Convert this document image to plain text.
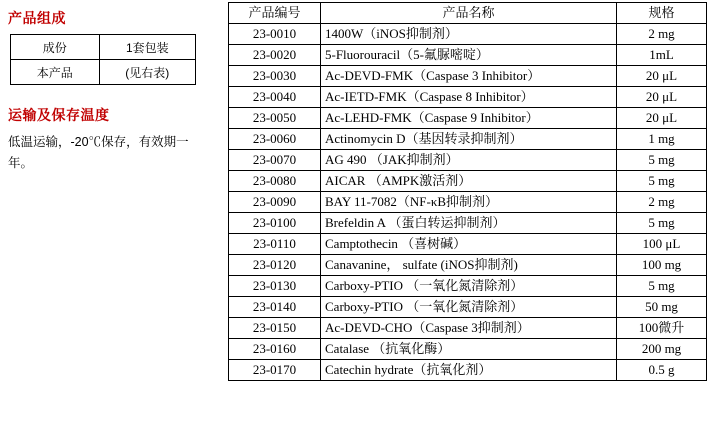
产品组成
成份	1套包装
本产品	(见右表)
运输及保存温度
低温运输，-20℃保存，有效期一年。
产品编号	产品名称	规格
23-0010	1400W（iNOS抑制剂）	2 mg
23-0020	5-Fluorouracil（5-氟脲嘧啶）	1mL
23-0030	Ac-DEVD-FMK（Caspase 3 Inhibitor）	20 μL
23-0040	Ac-IETD-FMK（Caspase 8 Inhibitor）	20 μL
23-0050	Ac-LEHD-FMK（Caspase 9 Inhibitor）	20 μL
23-0060	Actinomycin D（基因转录抑制剂）	1 mg
23-0070	AG 490 （JAK抑制剂）	5 mg
23-0080	AICAR （AMPK激活剂）	5 mg
23-0090	BAY 11-7082（NF-κB抑制剂）	2 mg
23-0100	Brefeldin A （蛋白转运抑制剂）	5 mg
23-0110	Camptothecin （喜树碱）	100 μL
23-0120	Canavanine， sulfate (iNOS抑制剂)	100 mg
23-0130	Carboxy-PTIO （一氧化氮清除剂）	5 mg
23-0140	Carboxy-PTIO （一氧化氮清除剂）	50 mg
23-0150	Ac-DEVD-CHO（Caspase 3抑制剂）	100微升
23-0160	Catalase （抗氧化酶）	200 mg
23-0170	Catechin hydrate（抗氧化剂）	0.5 g
